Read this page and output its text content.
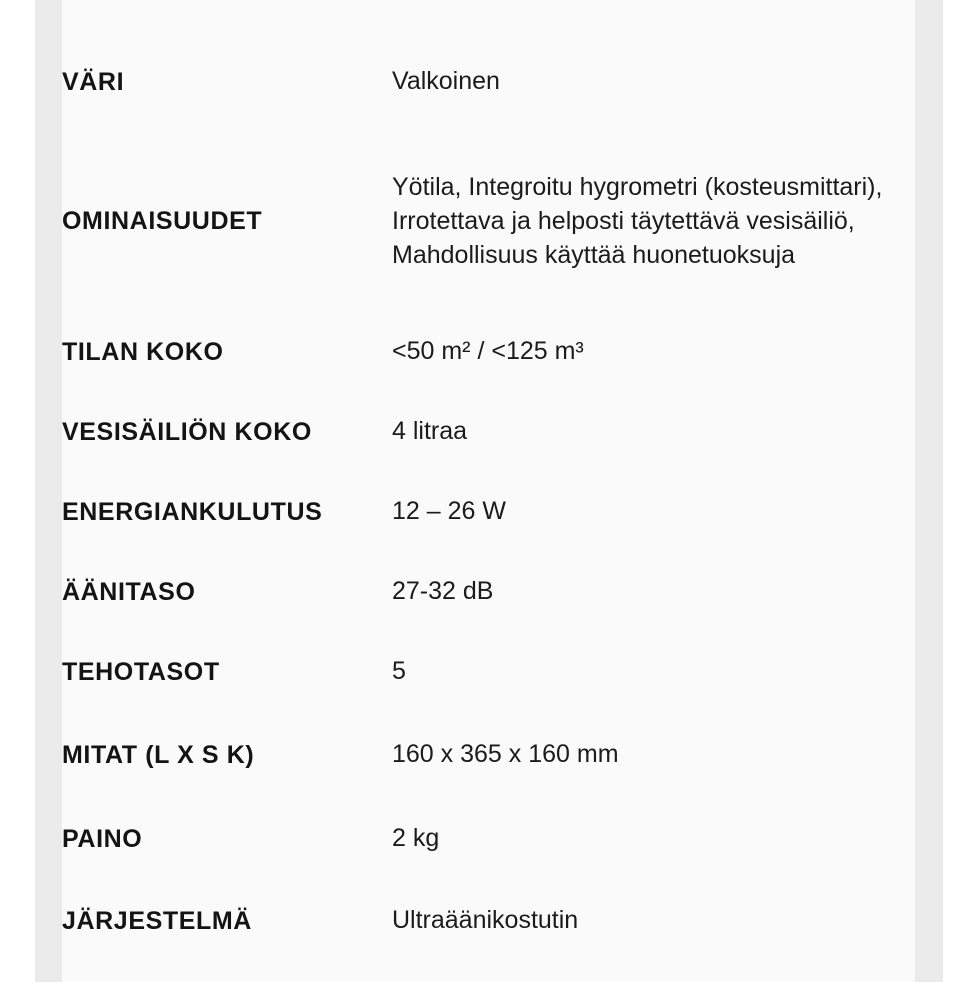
VÄRI	Valkoinen
OMINAISUUDET	Yötila, Integroitu hygrometri (kosteusmittari), Irrotettava ja helposti täytettävä vesisäiliö, Mahdollisuus käyttää huonetuoksuja

TILAN KOKO	<50 m² / <125 m³
VESISÄILIÖN KOKO	4 litraa
ENERGIANKULUTUS	12 – 26 W
ÄÄNITASO	27-32 dB
TEHOTASOT	5
MITAT (L X S K)	160 x 365 x 160 mm
PAINO	2 kg
JÄRJESTELMÄ	Ultraäänikostutin
